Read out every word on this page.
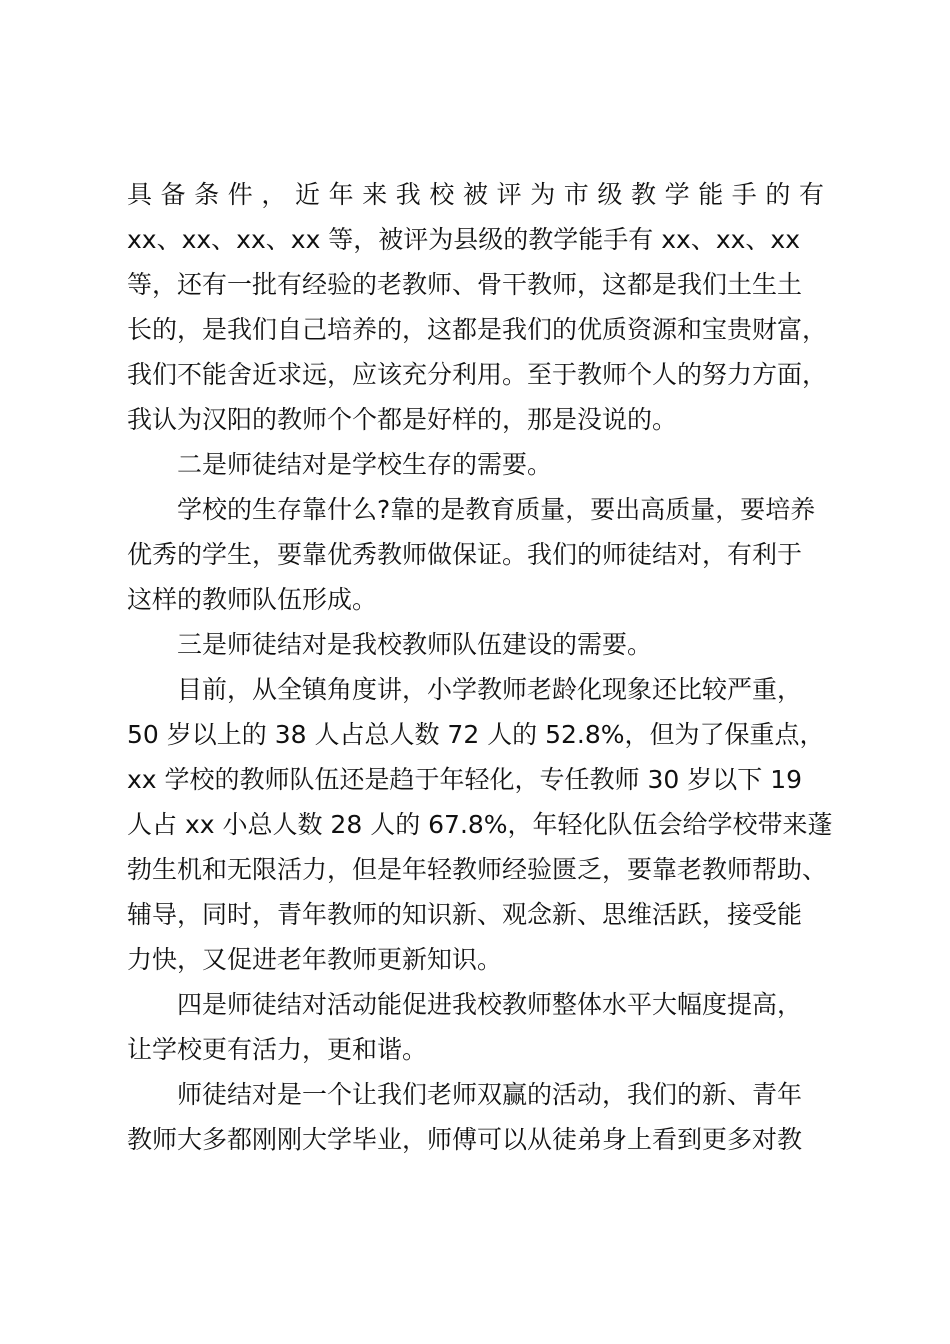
具备条件，近年来我校被评为市级教学能手的有
xx、xx、xx、xx 等，被评为县级的教学能手有 xx、xx、xx
等，还有一批有经验的老教师、骨干教师，这都是我们土生土
长的，是我们自己培养的，这都是我们的优质资源和宝贵财富，
我们不能舍近求远，应该充分利用。至于教师个人的努力方面，
我认为汉阳的教师个个都是好样的，那是没说的。
二是师徒结对是学校生存的需要。
学校的生存靠什么?靠的是教育质量，要出高质量，要培养
优秀的学生，要靠优秀教师做保证。我们的师徒结对，有利于
这样的教师队伍形成。
三是师徒结对是我校教师队伍建设的需要。
目前，从全镇角度讲，小学教师老龄化现象还比较严重，
50 岁以上的 38 人占总人数 72 人的 52.8%，但为了保重点，
xx 学校的教师队伍还是趋于年轻化，专任教师 30 岁以下 19
人占 xx 小总人数 28 人的 67.8%，年轻化队伍会给学校带来蓬
勃生机和无限活力，但是年轻教师经验匮乏，要靠老教师帮助、
辅导，同时，青年教师的知识新、观念新、思维活跃，接受能
力快，又促进老年教师更新知识。
四是师徒结对活动能促进我校教师整体水平大幅度提高，
让学校更有活力，更和谐。
师徒结对是一个让我们老师双赢的活动，我们的新、青年
教师大多都刚刚大学毕业，师傅可以从徒弟身上看到更多对教
